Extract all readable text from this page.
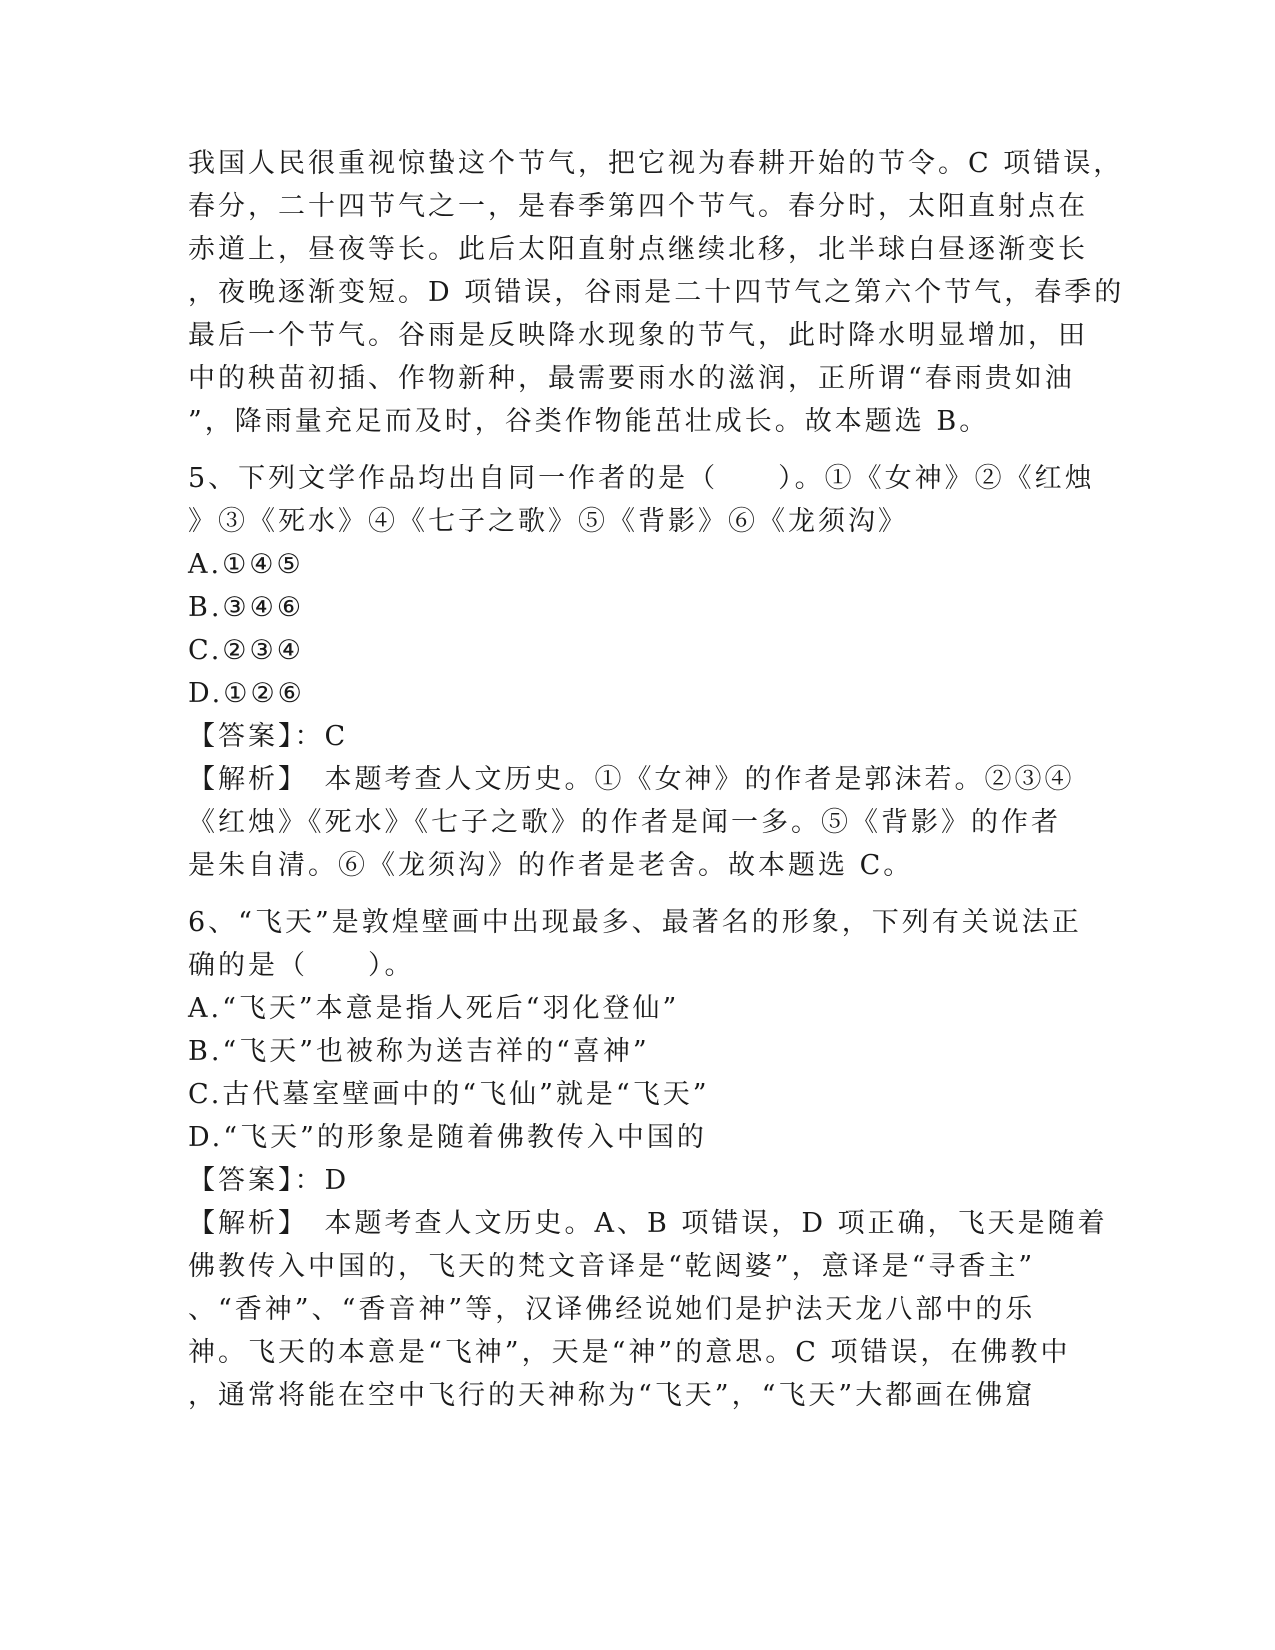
我国人民很重视惊蛰这个节气，把它视为春耕开始的节令。C 项错误，
春分，二十四节气之一，是春季第四个节气。春分时，太阳直射点在
赤道上，昼夜等长。此后太阳直射点继续北移，北半球白昼逐渐变长
，夜晚逐渐变短。D 项错误，谷雨是二十四节气之第六个节气，春季的
最后一个节气。谷雨是反映降水现象的节气，此时降水明显增加，田
中的秧苗初插、作物新种，最需要雨水的滋润，正所谓“春雨贵如油
”，降雨量充足而及时，谷类作物能茁壮成长。故本题选 B。
5、下列文学作品均出自同一作者的是（　　）。①《女神》②《红烛
》③《死水》④《七子之歌》⑤《背影》⑥《龙须沟》
A.①④⑤
B.③④⑥
C.②③④
D.①②⑥
【答案】：C
【解析】　本题考查人文历史。①《女神》的作者是郭沫若。②③④
《红烛》《死水》《七子之歌》的作者是闻一多。⑤《背影》的作者
是朱自清。⑥《龙须沟》的作者是老舍。故本题选 C。
6、“飞天”是敦煌壁画中出现最多、最著名的形象，下列有关说法正
确的是（　　）。
A.“飞天”本意是指人死后“羽化登仙”
B.“飞天”也被称为送吉祥的“喜神”
C.古代墓室壁画中的“飞仙”就是“飞天”
D.“飞天”的形象是随着佛教传入中国的
【答案】：D
【解析】　本题考查人文历史。A、B 项错误，D 项正确，飞天是随着
佛教传入中国的，飞天的梵文音译是“乾闼婆”，意译是“寻香主”
、“香神”、“香音神”等，汉译佛经说她们是护法天龙八部中的乐
神。飞天的本意是“飞神”，天是“神”的意思。C 项错误，在佛教中
，通常将能在空中飞行的天神称为“飞天”，“飞天”大都画在佛窟
